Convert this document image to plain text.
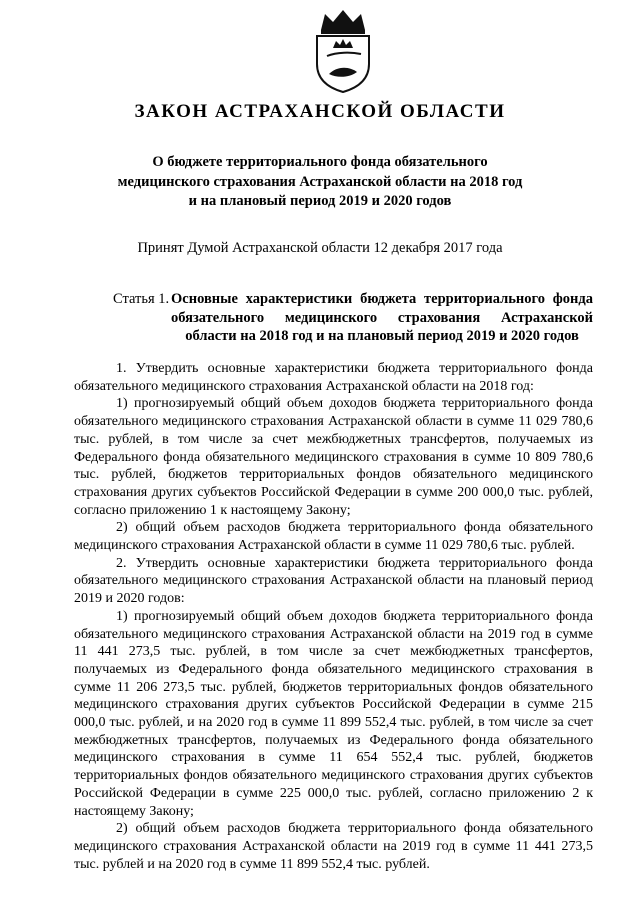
ЗАКОН АСТРАХАНСКОЙ ОБЛАСТИ
О бюджете территориального фонда обязательного
медицинского страхования Астраханской области на 2018 год
и на плановый период 2019 и 2020 годов
Принят Думой Астраханской области 12 декабря 2017 года
Статья 1. Основные характеристики бюджета территориального фонда обязательного медицинского страхования Астраханской области на 2018 год и на плановый период 2019 и 2020 годов

1. Утвердить основные характеристики бюджета территориального фонда обязательного медицинского страхования Астраханской области на 2018 год:

1) прогнозируемый общий объем доходов бюджета территориального фонда обязательного медицинского страхования Астраханской области в сумме 11 029 780,6 тыс. рублей, в том числе за счет межбюджетных трансфертов, получаемых из Федерального фонда обязательного медицинского страхования в сумме 10 809 780,6 тыс. рублей, бюджетов территориальных фондов обязательного медицинского страхования других субъектов Российской Федерации в сумме 200 000,0 тыс. рублей, согласно приложению 1 к настоящему Закону;

2) общий объем расходов бюджета территориального фонда обязательного медицинского страхования Астраханской области в сумме 11 029 780,6 тыс. рублей.

2. Утвердить основные характеристики бюджета территориального фонда обязательного медицинского страхования Астраханской области на плановый период 2019 и 2020 годов:

1) прогнозируемый общий объем доходов бюджета территориального фонда обязательного медицинского страхования Астраханской области на 2019 год в сумме 11 441 273,5 тыс. рублей, в том числе за счет межбюджетных трансфертов, получаемых из Федерального фонда обязательного медицинского страхования в сумме 11 206 273,5 тыс. рублей, бюджетов территориальных фондов обязательного медицинского страхования других субъектов Российской Федерации в сумме 215 000,0 тыс. рублей, и на 2020 год в сумме 11 899 552,4 тыс. рублей, в том числе за счет межбюджетных трансфертов, получаемых из Федерального фонда обязательного медицинского страхования в сумме 11 654 552,4 тыс. рублей, бюджетов территориальных фондов обязательного медицинского страхования других субъектов Российской Федерации в сумме 225 000,0 тыс. рублей, согласно приложению 2 к настоящему Закону;

2) общий объем расходов бюджета территориального фонда обязательного медицинского страхования Астраханской области на 2019 год в сумме 11 441 273,5 тыс. рублей и на 2020 год в сумме 11 899 552,4 тыс. рублей.
